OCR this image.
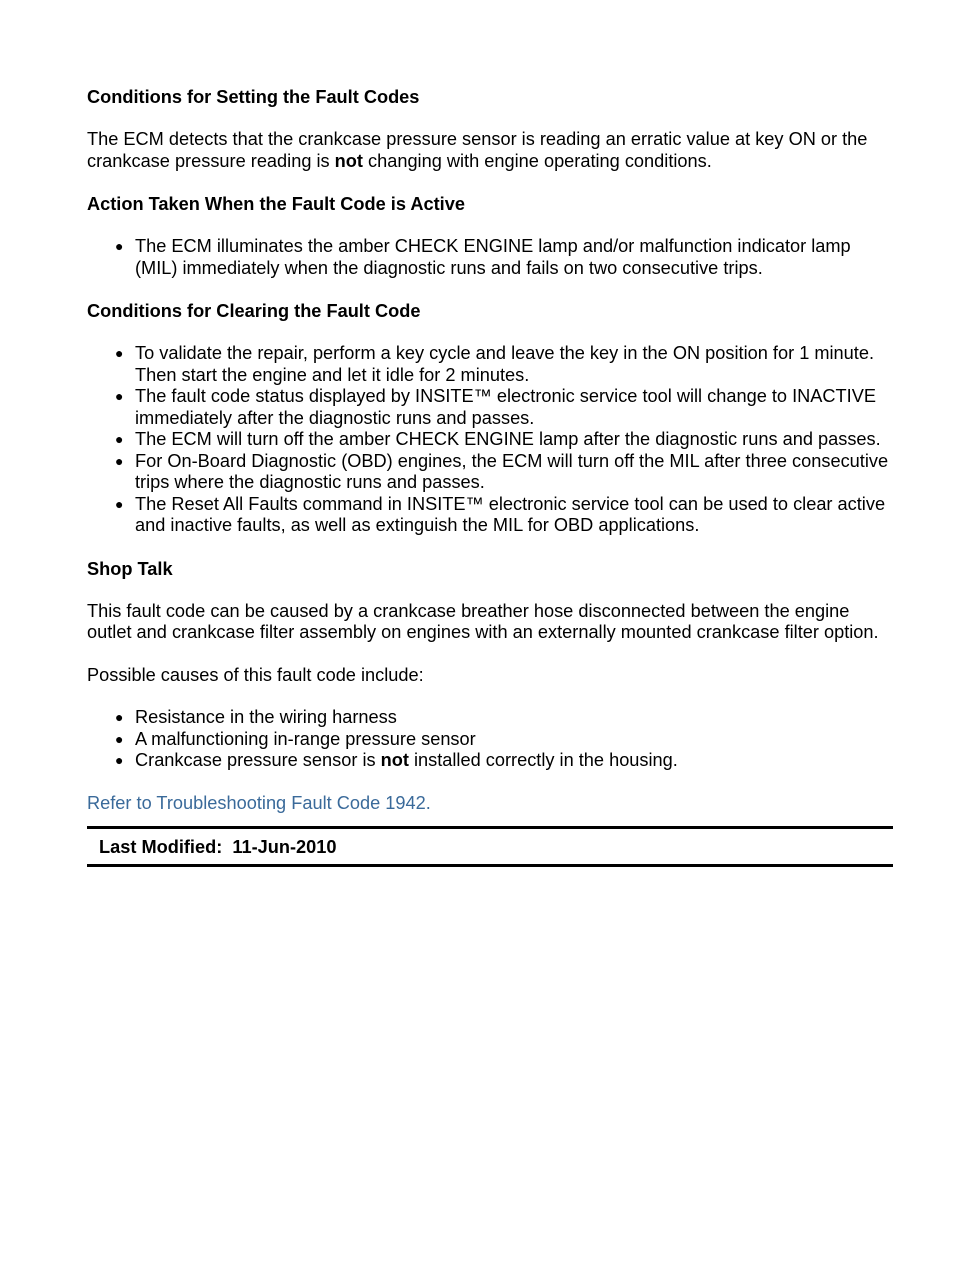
Conditions for Setting the Fault Codes

The ECM detects that the crankcase pressure sensor is reading an erratic value at key ON or the crankcase pressure reading is not changing with engine operating conditions.

Action Taken When the Fault Code is Active
● The ECM illuminates the amber CHECK ENGINE lamp and/or malfunction indicator lamp (MIL) immediately when the diagnostic runs and fails on two consecutive trips.
Conditions for Clearing the Fault Code
● To validate the repair, perform a key cycle and leave the key in the ON position for 1 minute. Then start the engine and let it idle for 2 minutes.
● The fault code status displayed by INSITE™ electronic service tool will change to INACTIVE immediately after the diagnostic runs and passes.
● The ECM will turn off the amber CHECK ENGINE lamp after the diagnostic runs and passes.
● For On-Board Diagnostic (OBD) engines, the ECM will turn off the MIL after three consecutive trips where the diagnostic runs and passes.
● The Reset All Faults command in INSITE™ electronic service tool can be used to clear active and inactive faults, as well as extinguish the MIL for OBD applications.
Shop Talk

This fault code can be caused by a crankcase breather hose disconnected between the engine outlet and crankcase filter assembly on engines with an externally mounted crankcase filter option.

Possible causes of this fault code include:

● Resistance in the wiring harness
● A malfunctioning in-range pressure sensor
● Crankcase pressure sensor is not installed correctly in the housing.

Refer to Troubleshooting Fault Code 1942.

Last Modified: 11-Jun-2010
